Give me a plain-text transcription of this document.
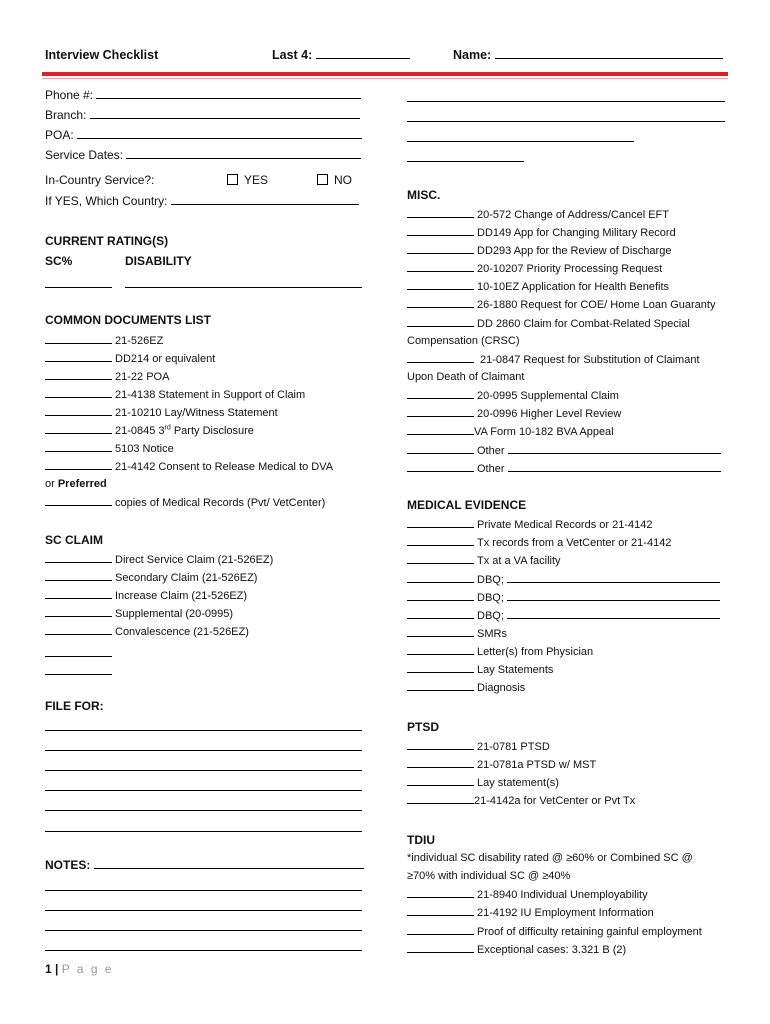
Interview Checklist	Last 4:	Name:
Phone #:
Branch:
POA:
Service Dates:
In-Country Service?:	YES	NO
If YES, Which Country:
CURRENT RATING(S)
SC%	DISABILITY
COMMON DOCUMENTS LIST
21-526EZ
DD214 or equivalent
21-22 POA
21-4138 Statement in Support of Claim
21-10210 Lay/Witness Statement
21-0845 3rd Party Disclosure
5103 Notice
21-4142 Consent to Release Medical to DVA
or Preferred
copies of Medical Records (Pvt/ VetCenter)
SC CLAIM
Direct Service Claim (21-526EZ)
Secondary Claim (21-526EZ)
Increase Claim (21-526EZ)
Supplemental (20-0995)
Convalescence (21-526EZ)
FILE FOR:
NOTES:
MISC.
20-572 Change of Address/Cancel EFT
DD149 App for Changing Military Record
DD293 App for the Review of Discharge
20-10207 Priority Processing Request
10-10EZ Application for Health Benefits
26-1880 Request for COE/ Home Loan Guaranty
DD 2860 Claim for Combat-Related Special
Compensation (CRSC)
21-0847 Request for Substitution of Claimant
Upon Death of Claimant
20-0995 Supplemental Claim
20-0996 Higher Level Review
VA Form 10-182 BVA Appeal
Other
Other
MEDICAL EVIDENCE
Private Medical Records or 21-4142
Tx records from a VetCenter or 21-4142
Tx at a VA facility
DBQ;
DBQ;
DBQ;
SMRs
Letter(s) from Physician
Lay Statements
Diagnosis
PTSD
21-0781 PTSD
21-0781a PTSD w/ MST
Lay statement(s)
21-4142a for VetCenter or Pvt Tx
TDIU
*individual SC disability rated @ ≥60% or Combined SC @
≥70% with individual SC @ ≥40%
21-8940 Individual Unemployability
21-4192 IU Employment Information
Proof of difficulty retaining gainful employment
Exceptional cases: 3.321 B (2)
1 | P a g e
